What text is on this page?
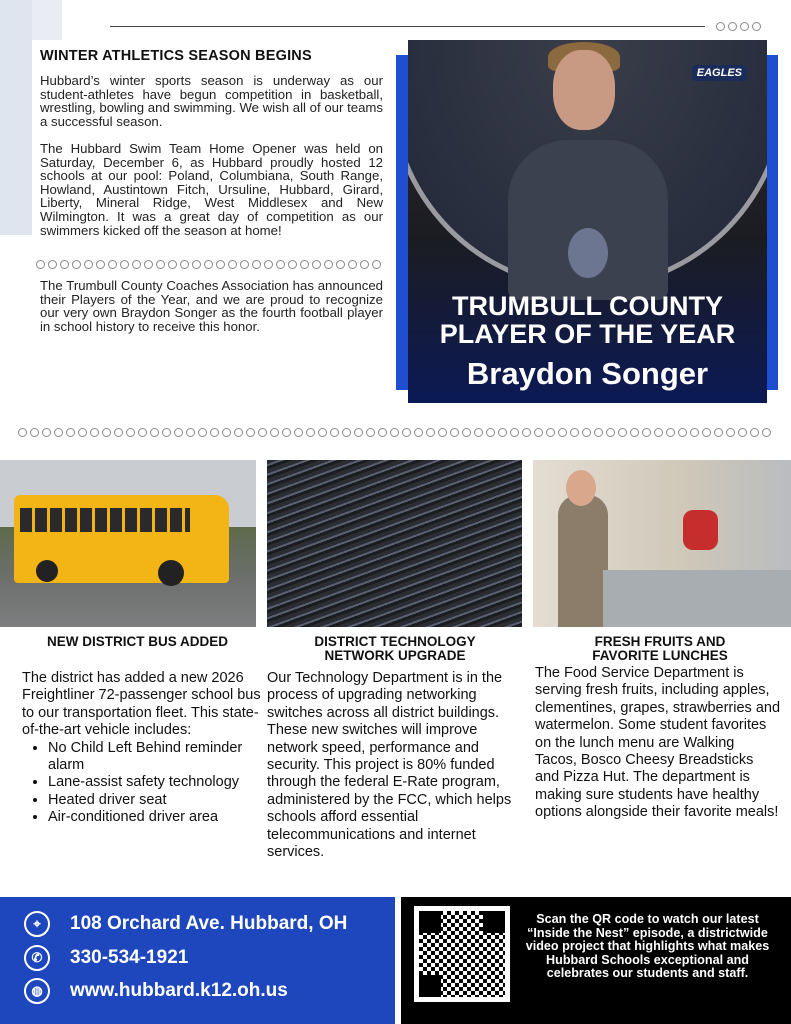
WINTER ATHLETICS SEASON BEGINS

Hubbard’s winter sports season is underway as our student-athletes have begun competition in basketball, wrestling, bowling and swimming. We wish all of our teams a successful season.

The Hubbard Swim Team Home Opener was held on Saturday, December 6, as Hubbard proudly hosted 12 schools at our pool: Poland, Columbiana, South Range, Howland, Austintown Fitch, Ursuline, Hubbard, Girard, Liberty, Mineral Ridge, West Middlesex and New Wilmington. It was a great day of competition as our swimmers kicked off the season at home!

The Trumbull County Coaches Association has announced their Players of the Year, and we are proud to recognize our very own Braydon Songer as the fourth football player in school history to receive this honor.

EAGLES
TRUMBULL COUNTY
PLAYER OF THE YEAR
Braydon Songer
NEW DISTRICT BUS ADDED

The district has added a new 2026 Freightliner 72-passenger school bus to our transportation fleet. This state-of-the-art vehicle includes:

• No Child Left Behind reminder alarm
• Lane-assist safety technology
• Heated driver seat
• Air-conditioned driver area
DISTRICT TECHNOLOGY NETWORK UPGRADE

Our Technology Department is in the process of upgrading networking switches across all district buildings. These new switches will improve network speed, performance and security. This project is 80% funded through the federal E-Rate program, administered by the FCC, which helps schools afford essential telecommunications and internet services.

FRESH FRUITS AND FAVORITE LUNCHES

The Food Service Department is serving fresh fruits, including apples, clementines, grapes, strawberries and watermelon. Some student favorites on the lunch menu are Walking Tacos, Bosco Cheesy Breadsticks and Pizza Hut. The department is making sure students have healthy options alongside their favorite meals!

⌖	108 Orchard Ave. Hubbard, OH
✆	330-534-1921
◍	www.hubbard.k12.oh.us

Scan the QR code to watch our latest “Inside the Nest” episode, a districtwide video project that highlights what makes Hubbard Schools exceptional and celebrates our students and staff.
